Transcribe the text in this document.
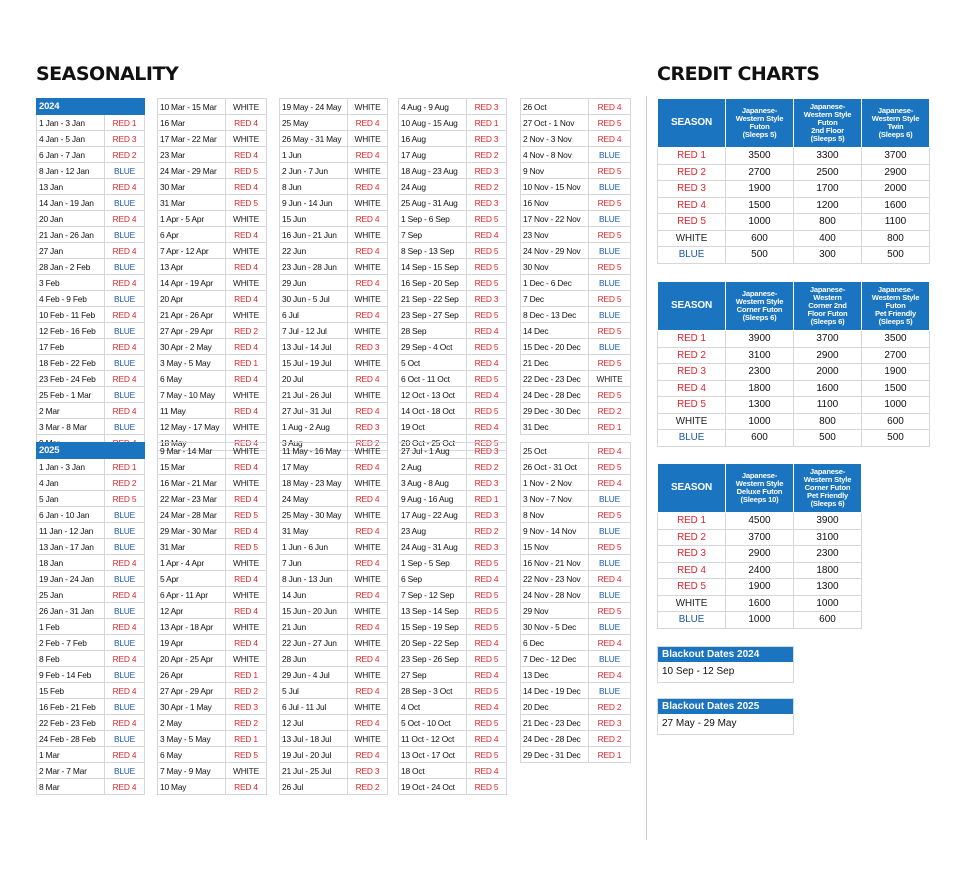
SEASONALITY	CREDIT CHARTS
2024	
1 Jan - 3 Jan	RED 1
4 Jan - 5 Jan	RED 3
6 Jan - 7 Jan	RED 2
8 Jan - 12 Jan	BLUE
13 Jan	RED 4
14 Jan - 19 Jan	BLUE
20 Jan	RED 4
21 Jan - 26 Jan	BLUE
27 Jan	RED 4
28 Jan - 2 Feb	BLUE
3 Feb	RED 4
4 Feb - 9 Feb	BLUE
10 Feb - 11 Feb	RED 4
12 Feb - 16 Feb	BLUE
17 Feb	RED 4
18 Feb - 22 Feb	BLUE
23 Feb - 24 Feb	RED 4
25 Feb - 1 Mar	BLUE
2 Mar	RED 4
3 Mar - 8 Mar	BLUE

10 Mar - 15 Mar	WHITE
16 Mar	RED 4
17 Mar - 22 Mar	WHITE
23 Mar	RED 4
24 Mar - 29 Mar	RED 5
30 Mar	RED 4
31 Mar	RED 5
1 Apr - 5 Apr	WHITE
6 Apr	RED 4
7 Apr - 12 Apr	WHITE
13 Apr	RED 4
14 Apr - 19 Apr	WHITE
20 Apr	RED 4
21 Apr - 26 Apr	WHITE
27 Apr - 29 Apr	RED 2
30 Apr - 2 May	RED 4
3 May - 5 May	RED 1
6 May	RED 4
7 May - 10 May	WHITE
11 May	RED 4
12 May - 17 May	WHITE
18 May	RED 4
19 May - 24 May	WHITE
25 May	RED 4
26 May - 31 May	WHITE
1 Jun	RED 4
2 Jun - 7 Jun	WHITE
8 Jun	RED 4
9 Jun - 14 Jun	WHITE
15 Jun	RED 4
16 Jun - 21 Jun	WHITE
22 Jun	RED 4
23 Jun - 28 Jun	WHITE
29 Jun	RED 4
30 Jun - 5 Jul	WHITE
6 Jul	RED 4
7 Jul - 12 Jul	WHITE
13 Jul - 14 Jul	RED 3
15 Jul - 19 Jul	WHITE
20 Jul	RED 4
21 Jul - 26 Jul	WHITE
27 Jul - 31 Jul	RED 4
1 Aug - 2 Aug	RED 3
3 Aug	RED 2
4 Aug - 9 Aug	RED 3
10 Aug - 15 Aug	RED 1
16 Aug	RED 3
17 Aug	RED 2
18 Aug - 23 Aug	RED 3
24 Aug	RED 2
25 Aug - 31 Aug	RED 3
1 Sep - 6 Sep	RED 5
7 Sep	RED 4
8 Sep - 13 Sep	RED 5
14 Sep - 15 Sep	RED 5
16 Sep - 20 Sep	RED 5
21 Sep - 22 Sep	RED 3
23 Sep - 27 Sep	RED 5
28 Sep	RED 4
29 Sep - 4 Oct	RED 5
5 Oct	RED 4
6 Oct - 11 Oct	RED 5
12 Oct - 13 Oct	RED 4
14 Oct - 18 Oct	RED 5
19 Oct	RED 4
20 Oct - 25 Oct	RED 5
26 Oct	RED 4
27 Oct - 1 Nov	RED 5
2 Nov - 3 Nov	RED 4
4 Nov - 8 Nov	BLUE
9 Nov	RED 5
10 Nov - 15 Nov	BLUE
16 Nov	RED 5
17 Nov - 22 Nov	BLUE
23 Nov	RED 5
24 Nov - 29 Nov	BLUE
30 Nov	RED 5
1 Dec - 6 Dec	BLUE
7 Dec	RED 5
8 Dec - 13 Dec	BLUE
14 Dec	RED 5
15 Dec - 20 Dec	BLUE
21 Dec	RED 5
22 Dec - 23 Dec	WHITE
24 Dec - 28 Dec	RED 5
29 Dec - 30 Dec	RED 2
31 Dec	RED 1
2025	
1 Jan - 3 Jan	RED 1
4 Jan	RED 2
5 Jan	RED 5
6 Jan - 10 Jan	BLUE
11 Jan - 12 Jan	BLUE
13 Jan - 17 Jan	BLUE
18 Jan	RED 4
19 Jan - 24 Jan	BLUE
25 Jan	RED 4
26 Jan - 31 Jan	BLUE
1 Feb	RED 4
2 Feb - 7 Feb	BLUE
8 Feb	RED 4
9 Feb - 14 Feb	BLUE
15 Feb	RED 4
16 Feb - 21 Feb	BLUE
22 Feb - 23 Feb	RED 4
24 Feb - 28 Feb	BLUE
1 Mar	RED 4
2 Mar - 7 Mar	BLUE
8 Mar	RED 4
9 Mar - 14 Mar	WHITE
15 Mar	RED 4
16 Mar - 21 Mar	WHITE
22 Mar - 23 Mar	RED 4
24 Mar - 28 Mar	RED 5
29 Mar - 30 Mar	RED 4
31 Mar	RED 5
1 Apr - 4 Apr	WHITE
5 Apr	RED 4
6 Apr - 11 Apr	WHITE
12 Apr	RED 4
13 Apr - 18 Apr	WHITE
19 Apr	RED 4
20 Apr - 25 Apr	WHITE
26 Apr	RED 1
27 Apr - 29 Apr	RED 2
30 Apr - 1 May	RED 3
2 May	RED 2
3 May - 5 May	RED 1
6 May	RED 5
7 May - 9 May	WHITE
10 May	RED 4
11 May - 16 May	WHITE
17 May	RED 4
18 May - 23 May	WHITE
24 May	RED 4
25 May - 30 May	WHITE
31 May	RED 4
1 Jun - 6 Jun	WHITE
7 Jun	RED 4
8 Jun - 13 Jun	WHITE
14 Jun	RED 4
15 Jun - 20 Jun	WHITE
21 Jun	RED 4
22 Jun - 27 Jun	WHITE
28 Jun	RED 4
29 Jun - 4 Jul	WHITE
5 Jul	RED 4
6 Jul - 11 Jul	WHITE
12 Jul	RED 4
13 Jul - 18 Jul	WHITE
19 Jul - 20 Jul	RED 4
21 Jul - 25 Jul	RED 3
26 Jul	RED 2
27 Jul - 1 Aug	RED 3
2 Aug	RED 2
3 Aug - 8 Aug	RED 3
9 Aug - 16 Aug	RED 1
17 Aug - 22 Aug	RED 3
23 Aug	RED 2
24 Aug - 31 Aug	RED 3
1 Sep - 5 Sep	RED 5
6 Sep	RED 4
7 Sep - 12 Sep	RED 5
13 Sep - 14 Sep	RED 5
15 Sep - 19 Sep	RED 5
20 Sep - 22 Sep	RED 4
23 Sep - 26 Sep	RED 5
27 Sep	RED 4
28 Sep - 3 Oct	RED 5
4 Oct	RED 4
5 Oct - 10 Oct	RED 5
11 Oct - 12 Oct	RED 4
13 Oct - 17 Oct	RED 5
18 Oct	RED 4
19 Oct - 24 Oct	RED 5
25 Oct	RED 4
26 Oct - 31 Oct	RED 5
1 Nov - 2 Nov	RED 4
3 Nov - 7 Nov	BLUE
8 Nov	RED 5
9 Nov - 14 Nov	BLUE
15 Nov	RED 5
16 Nov - 21 Nov	BLUE
22 Nov - 23 Nov	RED 4
24 Nov - 28 Nov	BLUE
29 Nov	RED 5
30 Nov - 5 Dec	BLUE
6 Dec	RED 4
7 Dec - 12 Dec	BLUE
13 Dec	RED 4
14 Dec - 19 Dec	BLUE
20 Dec	RED 2
21 Dec - 23 Dec	RED 3
24 Dec - 28 Dec	RED 2
29 Dec - 31 Dec	RED 1
SEASON	Japanese-
Western Style
Futon
(Sleeps 5)	Japanese-
Western Style
Futon
2nd Floor
(Sleeps 5)	Japanese-
Western Style
Twin
(Sleeps 6)
RED 1	3500	3300	3700
RED 2	2700	2500	2900
RED 3	1900	1700	2000
RED 4	1500	1200	1600
RED 5	1000	800	1100
WHITE	600	400	800
BLUE	500	300	500
SEASON	Japanese-
Western Style
Corner Futon
(Sleeps 6)	Japanese-
Western
Corner 2nd
Floor Futon
(Sleeps 6)	Japanese-
Western Style
Futon
Pet Friendly
(Sleeps 5)
RED 1	3900	3700	3500
RED 2	3100	2900	2700
RED 3	2300	2000	1900
RED 4	1800	1600	1500
RED 5	1300	1100	1000
WHITE	1000	800	600
BLUE	600	500	500
SEASON	Japanese-
Western Style
Deluxe Futon
(Sleeps 10)	Japanese-
Western Style
Corner Futon
Pet Friendly
(Sleeps 6)
RED 1	4500	3900
RED 2	3700	3100
RED 3	2900	2300
RED 4	2400	1800
RED 5	1900	1300
WHITE	1600	1000
BLUE	1000	600
Blackout Dates 2024
10 Sep - 12 Sep
Blackout Dates 2025
27 May - 29 May
